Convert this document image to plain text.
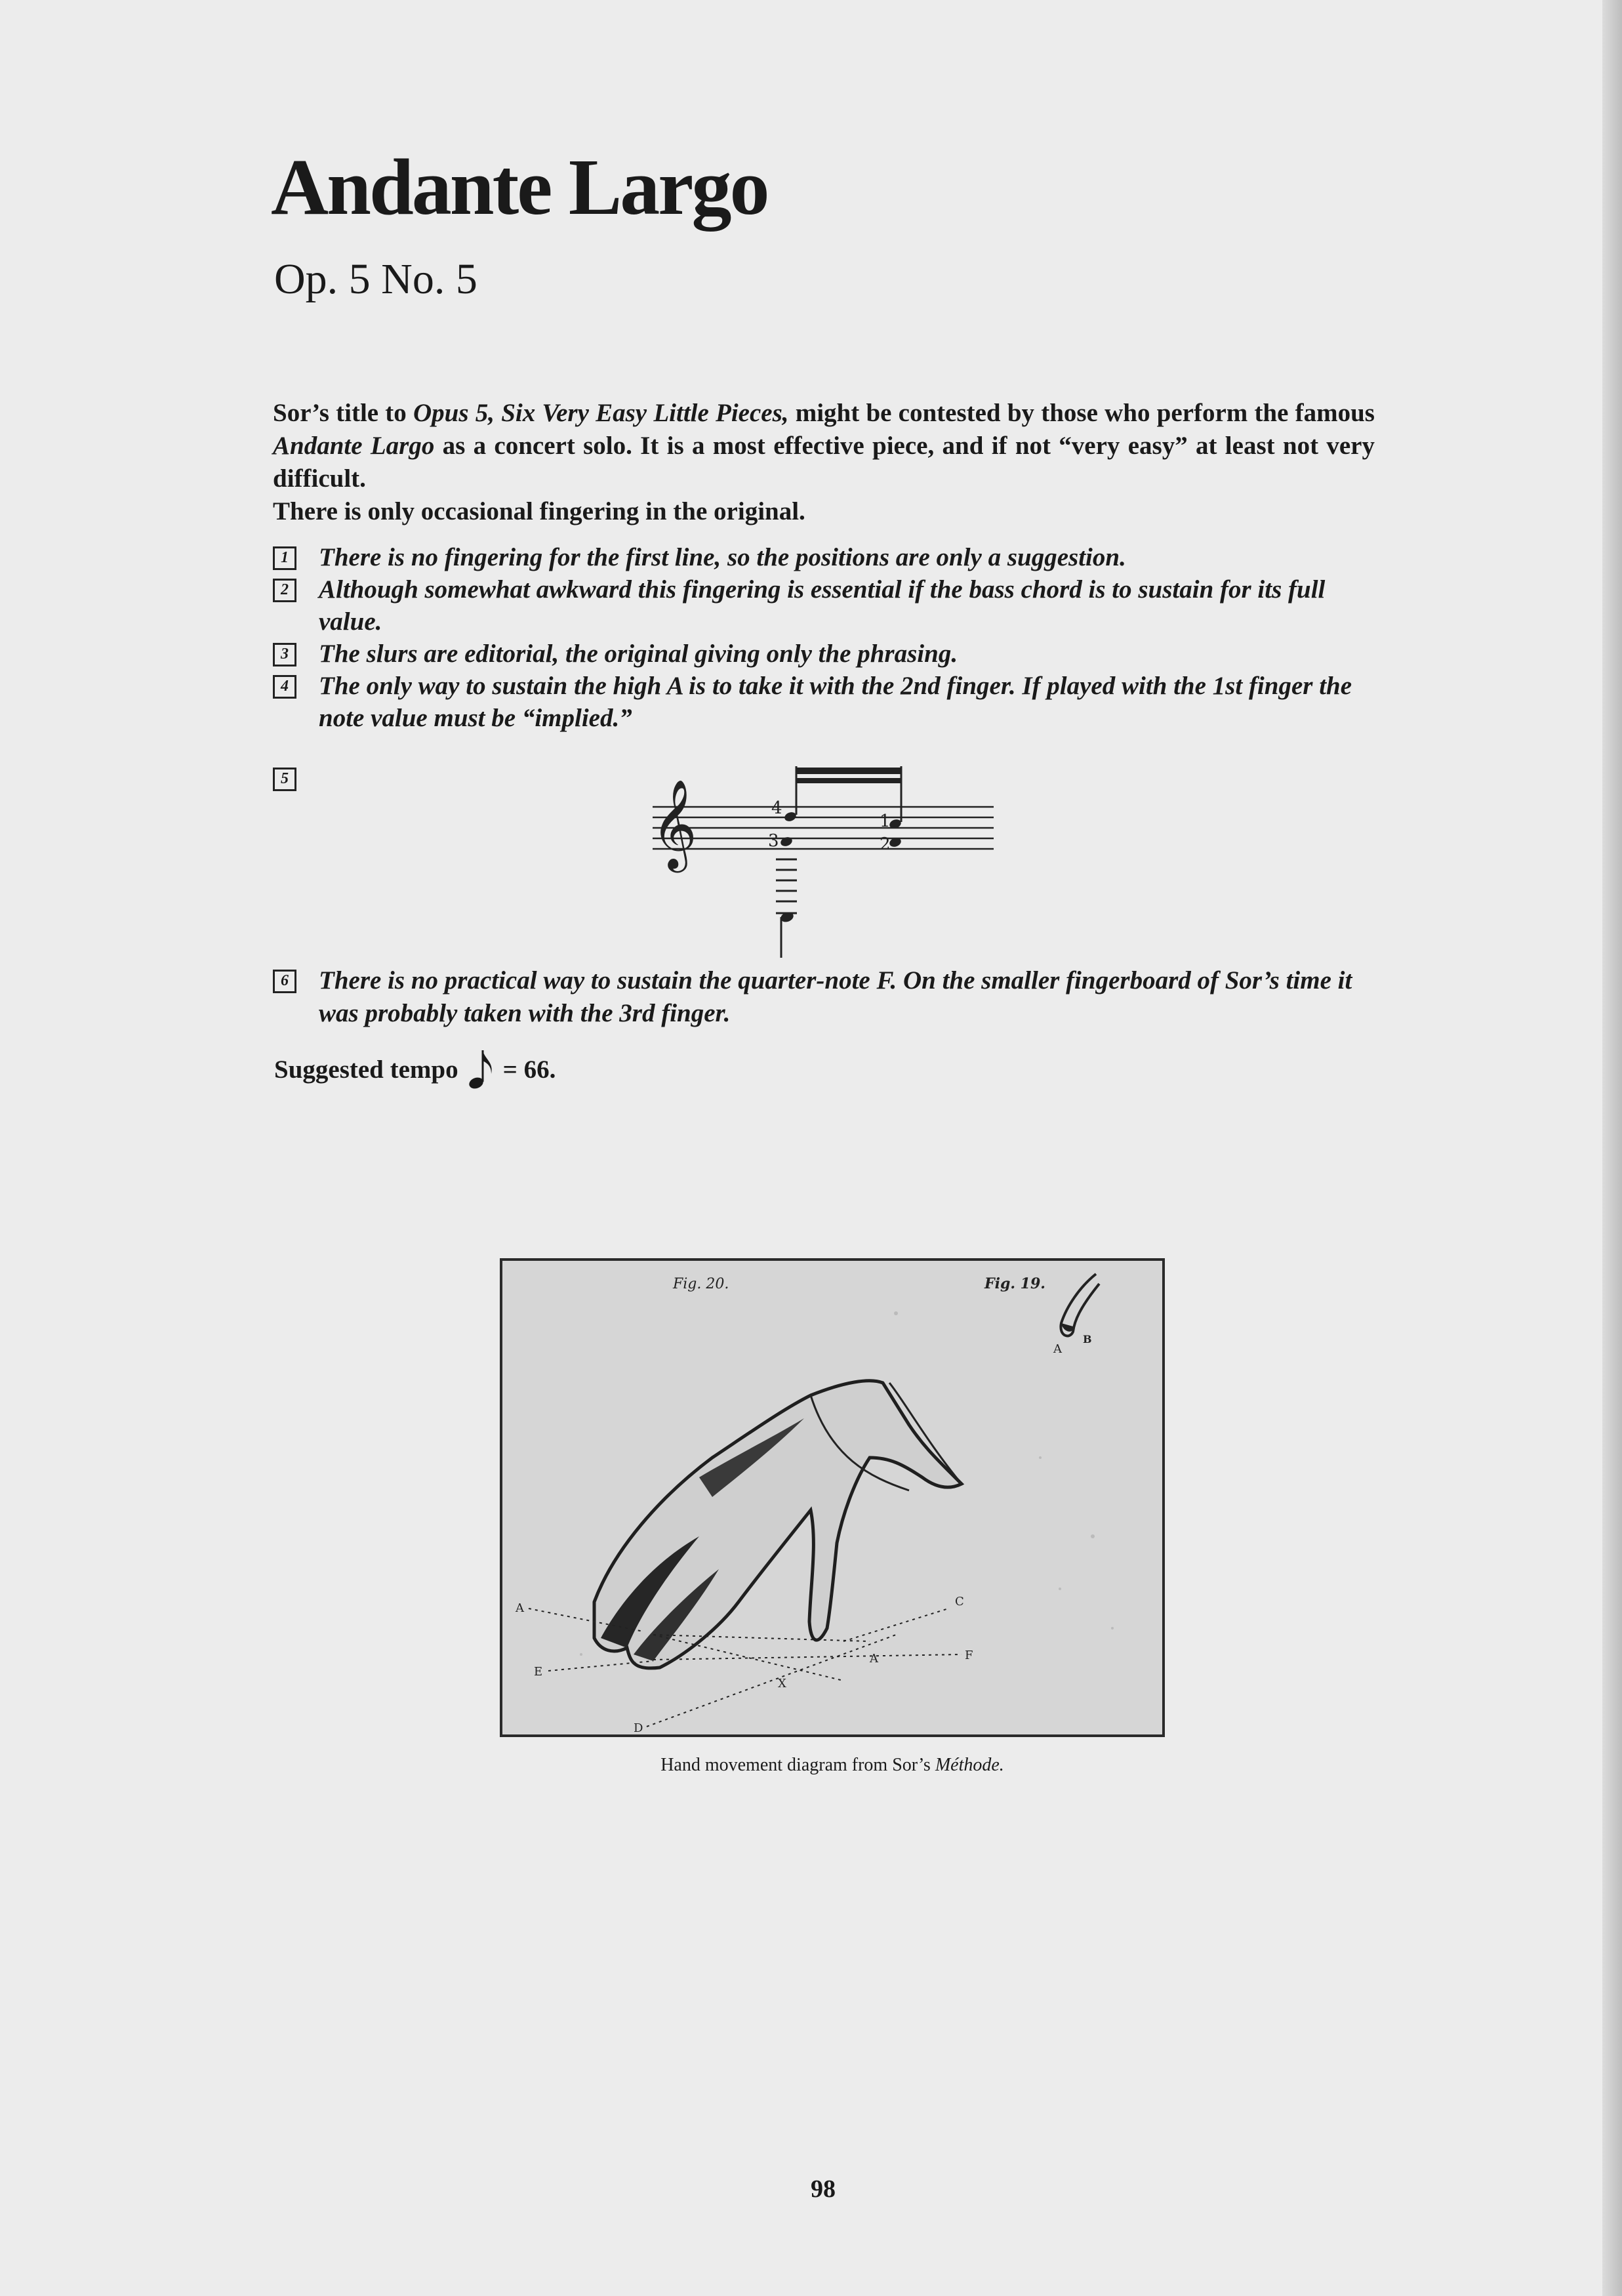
Andante Largo
Op. 5 No. 5

Sor’s title to Opus 5, Six Very Easy Little Pieces, might be contested by those who perform the famous Andante Largo as a concert solo. It is a most effective piece, and if not “very easy” at least not very difficult.

There is only occasional fingering in the original.

1	There is no fingering for the first line, so the positions are only a suggestion.
2	Although somewhat awkward this fingering is essential if the bass chord is to sustain for its full value.
3	The slurs are editorial, the original giving only the phrasing.
4	The only way to sustain the high A is to take it with the 2nd finger. If played with the 1st finger the note value must be “implied.”
5	𝄞	4
3
1
2
6	There is no practical way to sustain the quarter-note F. On the smaller fingerboard of Sor’s time it was probably taken with the 3rd finger.
Suggested tempo = 66.
Fig. 20.	Fig. 19.
A
B
A	C
D
E
F
A
X
Hand movement diagram from Sor’s Méthode.
98
